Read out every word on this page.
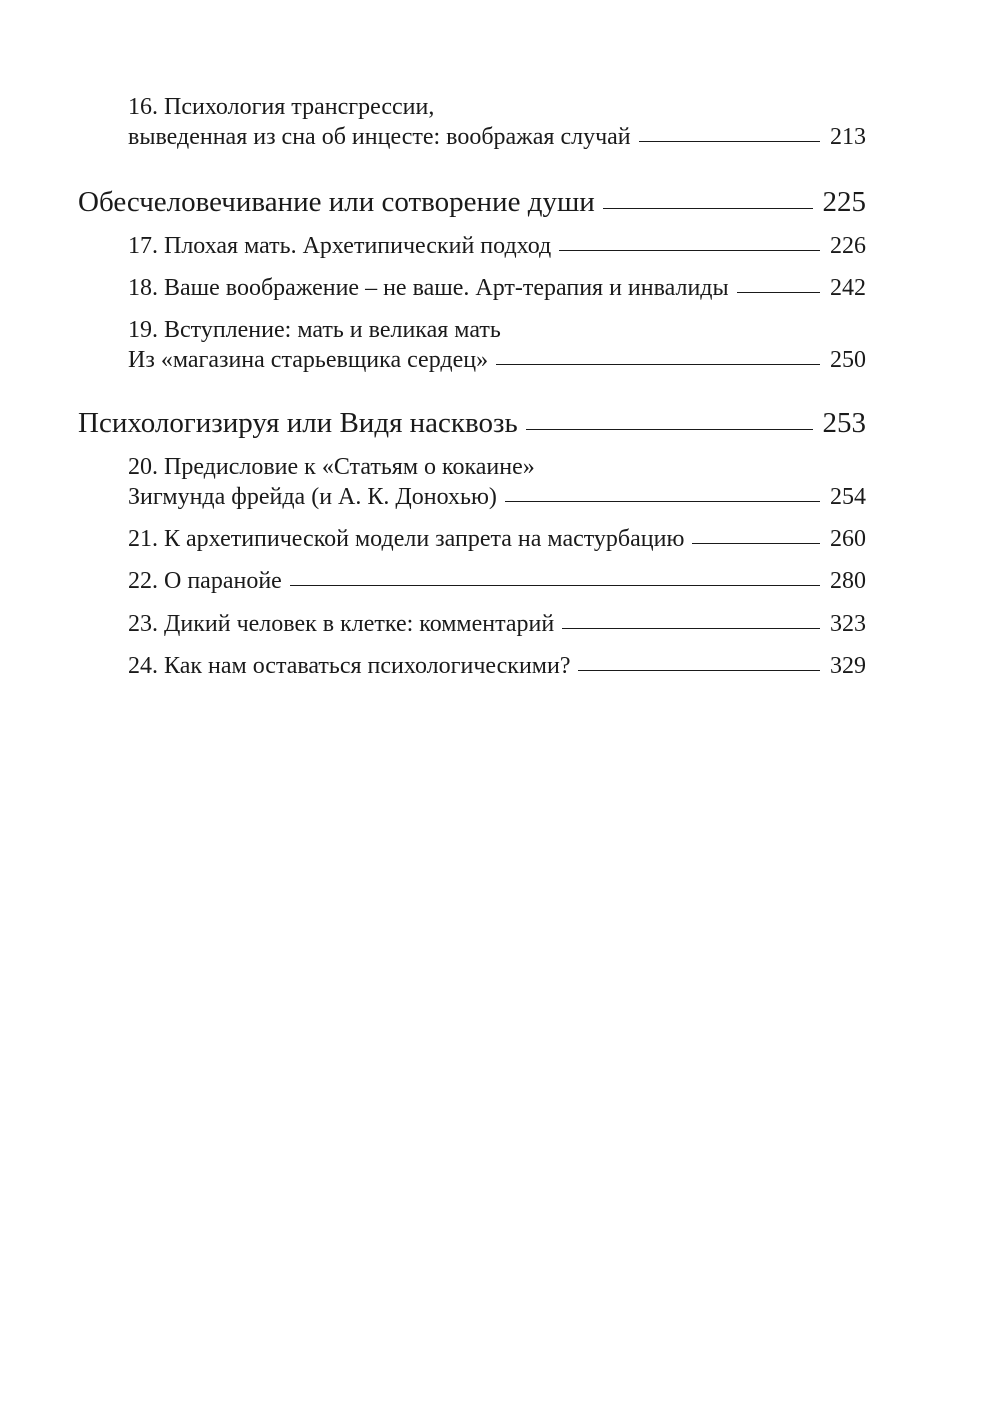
16. Психология трансгрессии,
выведенная из сна об инцесте: воображая случай	213
Обесчеловечивание или сотворение души	225
17. Плохая мать. Архетипический подход	226
18. Ваше воображение – не ваше. Арт-терапия и инвалиды	242
19. Вступление: мать и великая мать
Из «магазина старьевщика сердец»	250
Психологизируя или Видя насквозь	253
20. Предисловие к «Статьям о кокаине»
Зигмунда фрейда (и А. К. Донохью)	254
21. К архетипической модели запрета на мастурбацию	260
22. О паранойе	280
23. Дикий человек в клетке: комментарий	323
24. Как нам оставаться психологическими?	329
